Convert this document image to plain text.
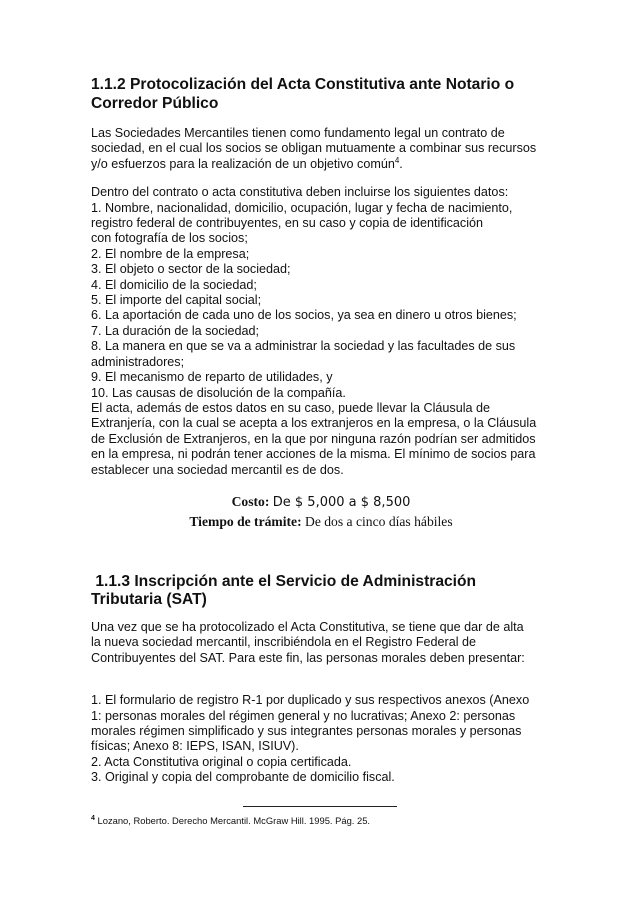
1.1.2 Protocolización del Acta Constitutiva ante Notario o
Corredor Público
Las Sociedades Mercantiles tienen como fundamento legal un contrato de
sociedad, en el cual los socios se obligan mutuamente a combinar sus recursos
y/o esfuerzos para la realización de un objetivo común$^4$.
Dentro del contrato o acta constitutiva deben incluirse los siguientes datos:
1. Nombre, nacionalidad, domicilio, ocupación, lugar y fecha de nacimiento,
registro federal de contribuyentes, en su caso y copia de identificación
con fotografía de los socios;
2. El nombre de la empresa;
3. El objeto o sector de la sociedad;
4. El domicilio de la sociedad;
5. El importe del capital social;
6. La aportación de cada uno de los socios, ya sea en dinero u otros bienes;
7. La duración de la sociedad;
8. La manera en que se va a administrar la sociedad y las facultades de sus
administradores;
9. El mecanismo de reparto de utilidades, y
10. Las causas de disolución de la compañía.
El acta, además de estos datos en su caso, puede llevar la Cláusula de
Extranjería, con la cual se acepta a los extranjeros en la empresa, o la Cláusula
de Exclusión de Extranjeros, en la que por ninguna razón podrían ser admitidos
en la empresa, ni podrán tener acciones de la misma. El mínimo de socios para
establecer una sociedad mercantil es de dos.
Costo: De $ 5,000 a $ 8,500
Tiempo de trámite: De dos a cinco días hábiles
1.1.3 Inscripción ante el Servicio de Administración
Tributaria (SAT)
Una vez que se ha protocolizado el Acta Constitutiva, se tiene que dar de alta
la nueva sociedad mercantil, inscribiéndola en el Registro Federal de
Contribuyentes del SAT. Para este fin, las personas morales deben presentar:
1. El formulario de registro R-1 por duplicado y sus respectivos anexos (Anexo
1: personas morales del régimen general y no lucrativas; Anexo 2: personas
morales régimen simplificado y sus integrantes personas morales y personas
físicas; Anexo 8: IEPS, ISAN, ISIUV).
2. Acta Constitutiva original o copia certificada.
3. Original y copia del comprobante de domicilio fiscal.
$^4$ Lozano, Roberto. Derecho Mercantil. McGraw Hill. 1995. Pág. 25.
